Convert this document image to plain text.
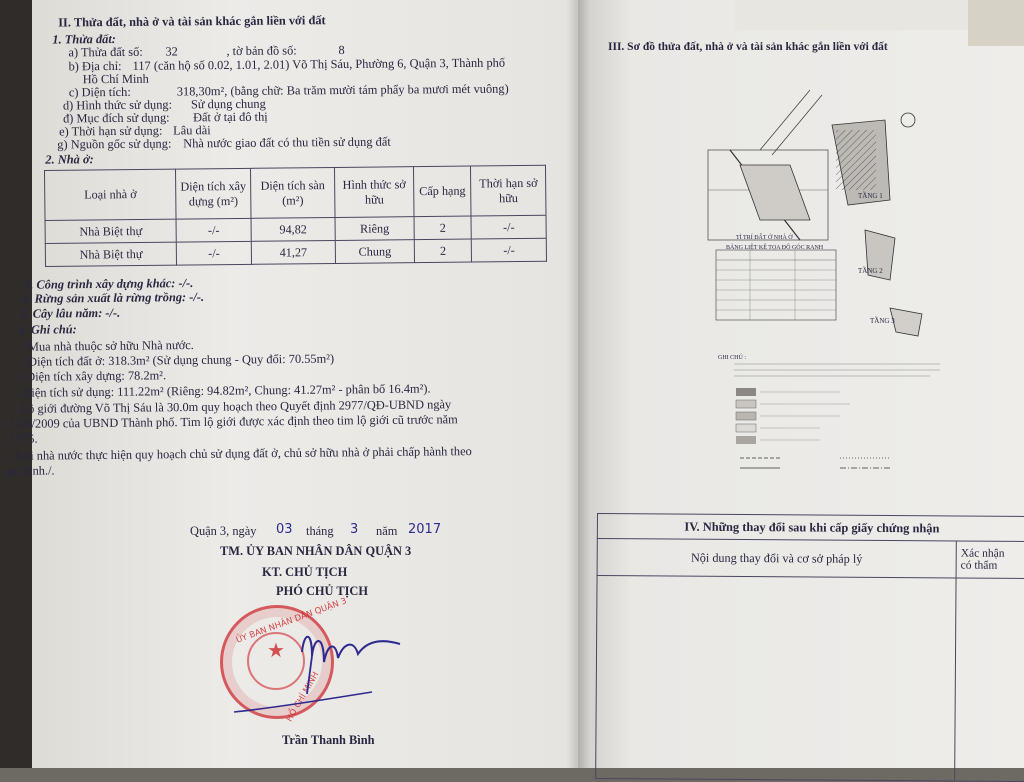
II. Thửa đất, nhà ở và tài sản khác gắn liền với đất
1. Thửa đất:
a) Thửa đất số: 32	, tờ bản đồ số:	8
b) Địa chỉ: 117 (căn hộ số 0.02, 1.01, 2.01) Võ Thị Sáu, Phường 6, Quận 3, Thành phố
Hồ Chí Minh
c) Diện tích:	318,30m², (bằng chữ: Ba trăm mười tám phẩy ba mươi mét vuông)
d) Hình thức sử dụng: Sử dụng chung
đ) Mục đích sử dụng: Đất ở tại đô thị
e) Thời hạn sử dụng: Lâu dài
g) Nguồn gốc sử dụng: Nhà nước giao đất có thu tiền sử dụng đất
2. Nhà ở:
Loại nhà ở	Diện tích xây dựng (m²)	Diện tích sàn (m²)	Hình thức sở hữu	Cấp hạng	Thời hạn sở hữu
Nhà Biệt thự	-/-	94,82	Riêng	2	-/-
Nhà Biệt thự	-/-	41,27	Chung	2	-/-
3. Công trình xây dựng khác: -/-.
4. Rừng sản xuất là rừng trồng: -/-.
5. Cây lâu năm: -/-.
6. Ghi chú:
- Mua nhà thuộc sở hữu Nhà nước.
- Diện tích đất ở: 318.3m² (Sử dụng chung - Quy đổi: 70.55m²)
- Diện tích xây dựng: 78.2m².
- Diện tích sử dụng: 111.22m² (Riêng: 94.82m², Chung: 41.27m² - phân bổ 16.4m²).
- Lộ giới đường Võ Thị Sáu là 30.0m quy hoạch theo Quyết định 2977/QĐ-UBND ngày
15/6/2009 của UBND Thành phố. Tim lộ giới được xác định theo tim lộ giới cũ trước năm
1975.
- Khi nhà nước thực hiện quy hoạch chủ sử dụng đất ở, chủ sở hữu nhà ở phải chấp hành theo
qui định./.
Quận 3, ngày 03 tháng 3 năm 2017
TM. ỦY BAN NHÂN DÂN QUẬN 3
KT. CHỦ TỊCH
PHÓ CHỦ TỊCH
★
ỦY BAN NHÂN DÂN QUẬN 3
HỒ CHÍ MINH
Trần Thanh Bình
III. Sơ đồ thửa đất, nhà ở và tài sản khác gắn liền với đất
TẦNG 1
TẦNG 2
TẦNG 3
TỈ TRÍ ĐẤT Ở NHÀ Ở
BẢNG LIỆT KÊ TỌA ĐỘ GÓC RANH
GHI CHÚ :
IV. Những thay đổi sau khi cấp giấy chứng nhận	
Nội dung thay đổi và cơ sở pháp lý	Xác nhận
có thẩm
